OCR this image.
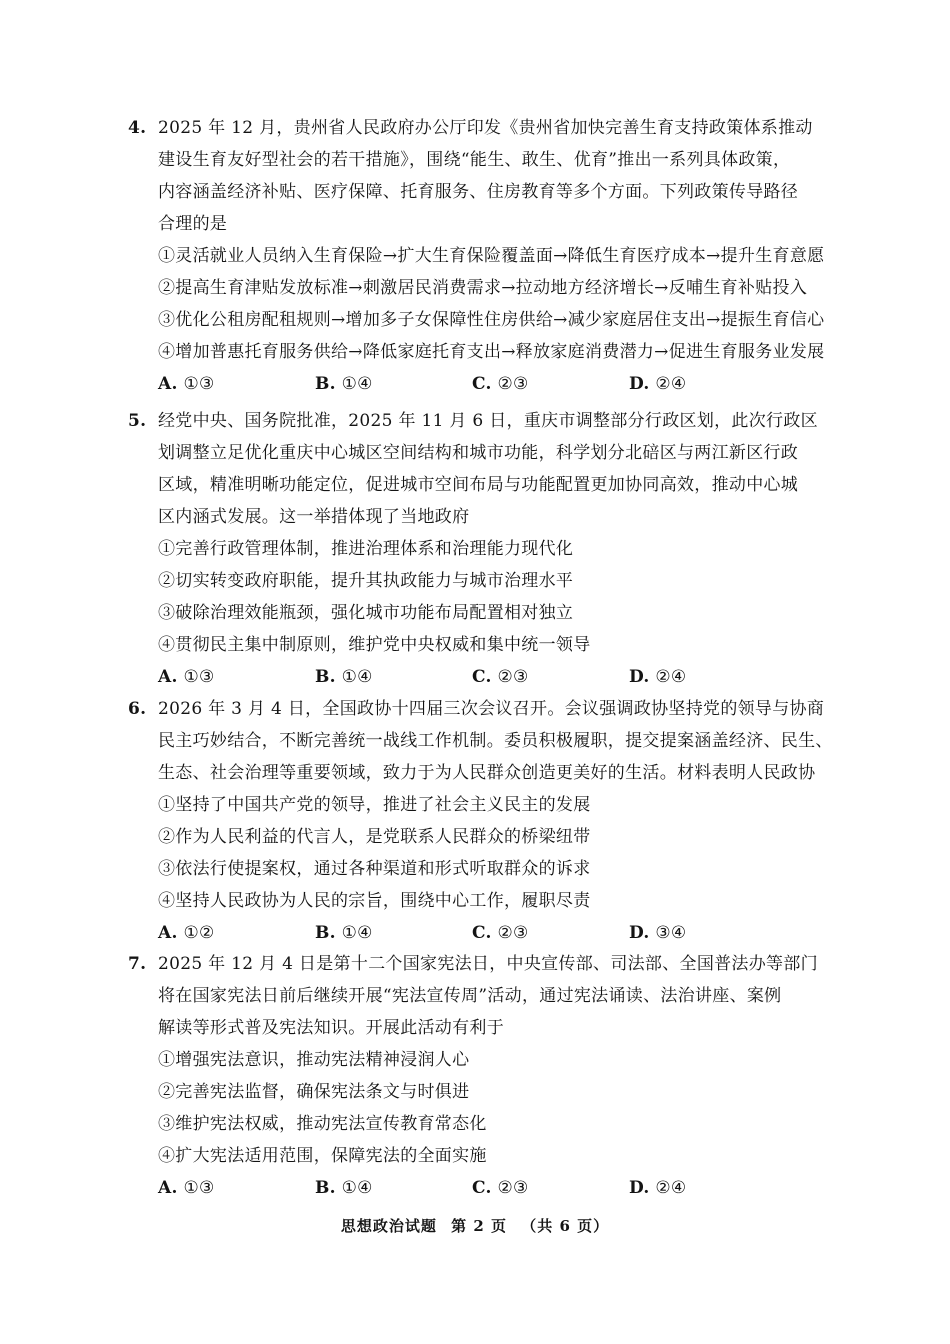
4. 2025 年 12 月，贵州省人民政府办公厅印发《贵州省加快完善生育支持政策体系推动
建设生育友好型社会的若干措施》，围绕“能生、敢生、优育”推出一系列具体政策，
内容涵盖经济补贴、医疗保障、托育服务、住房教育等多个方面。下列政策传导路径
合理的是
①灵活就业人员纳入生育保险→扩大生育保险覆盖面→降低生育医疗成本→提升生育意愿
②提高生育津贴发放标准→刺激居民消费需求→拉动地方经济增长→反哺生育补贴投入
③优化公租房配租规则→增加多子女保障性住房供给→减少家庭居住支出→提振生育信心
④增加普惠托育服务供给→降低家庭托育支出→释放家庭消费潜力→促进生育服务业发展
A. ①③	B. ①④	C. ②③	D. ②④
5. 经党中央、国务院批准，2025 年 11 月 6 日，重庆市调整部分行政区划，此次行政区
划调整立足优化重庆中心城区空间结构和城市功能，科学划分北碚区与两江新区行政
区域，精准明晰功能定位，促进城市空间布局与功能配置更加协同高效，推动中心城
区内涵式发展。这一举措体现了当地政府
①完善行政管理体制，推进治理体系和治理能力现代化
②切实转变政府职能，提升其执政能力与城市治理水平
③破除治理效能瓶颈，强化城市功能布局配置相对独立
④贯彻民主集中制原则，维护党中央权威和集中统一领导
A. ①③	B. ①④	C. ②③	D. ②④
6. 2026 年 3 月 4 日，全国政协十四届三次会议召开。会议强调政协坚持党的领导与协商
民主巧妙结合，不断完善统一战线工作机制。委员积极履职，提交提案涵盖经济、民生、
生态、社会治理等重要领域，致力于为人民群众创造更美好的生活。材料表明人民政协
①坚持了中国共产党的领导，推进了社会主义民主的发展
②作为人民利益的代言人，是党联系人民群众的桥梁纽带
③依法行使提案权，通过各种渠道和形式听取群众的诉求
④坚持人民政协为人民的宗旨，围绕中心工作，履职尽责
A. ①②	B. ①④	C. ②③	D. ③④
7. 2025 年 12 月 4 日是第十二个国家宪法日，中央宣传部、司法部、全国普法办等部门
将在国家宪法日前后继续开展“宪法宣传周”活动，通过宪法诵读、法治讲座、案例
解读等形式普及宪法知识。开展此活动有利于
①增强宪法意识，推动宪法精神浸润人心
②完善宪法监督，确保宪法条文与时俱进
③维护宪法权威，推动宪法宣传教育常态化
④扩大宪法适用范围，保障宪法的全面实施
A. ①③	B. ①④	C. ②③	D. ②④
思想政治试题 第 2 页 （共 6 页）
